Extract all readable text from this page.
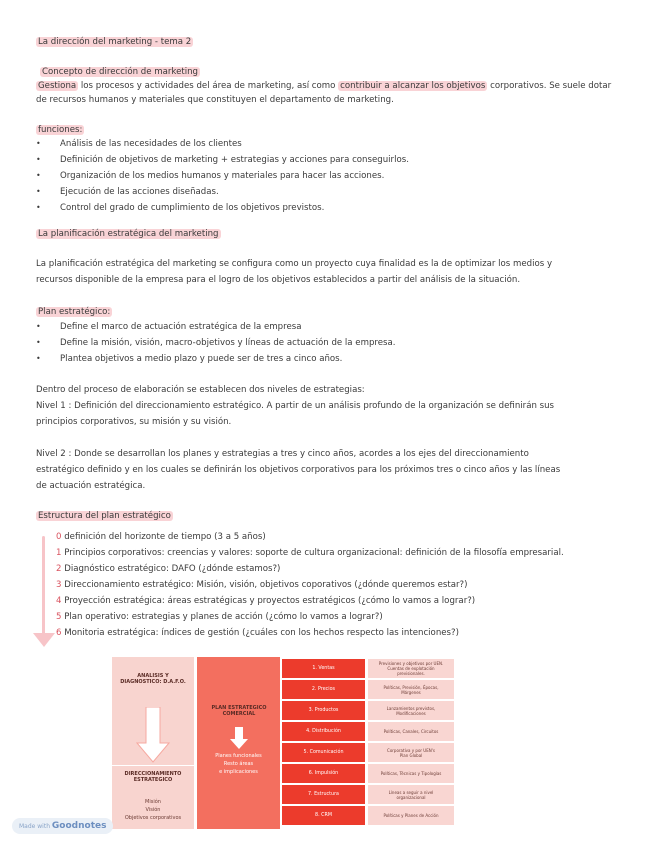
La dirección del marketing - tema 2
Concepto de dirección de marketing
Gestiona los procesos y actividades del área de marketing, así como contribuir a alcanzar los objetivos corporativos. Se suele dotar
de recursos humanos y materiales que constituyen el departamento de marketing.
funciones:
• Análisis de las necesidades de los clientes
• Definición de objetivos de marketing + estrategias y acciones para conseguirlos.
• Organización de los medios humanos y materiales para hacer las acciones.
• Ejecución de las acciones diseñadas.
• Control del grado de cumplimiento de los objetivos previstos.
La planificación estratégica del marketing
La planificación estratégica del marketing se configura como un proyecto cuya finalidad es la de optimizar los medios y
recursos disponible de la empresa para el logro de los objetivos establecidos a partir del análisis de la situación.
Plan estratégico:
• Define el marco de actuación estratégica de la empresa
• Define la misión, visión, macro-objetivos y líneas de actuación de la empresa.
• Plantea objetivos a medio plazo y puede ser de tres a cinco años.
Dentro del proceso de elaboración se establecen dos niveles de estrategias:
Nivel 1 : Definición del direccionamiento estratégico. A partir de un análisis profundo de la organización se definirán sus
principios corporativos, su misión y su visión.
Nivel 2 : Donde se desarrollan los planes y estrategias a tres y cinco años, acordes a los ejes del direccionamiento
estratégico definido y en los cuales se definirán los objetivos corporativos para los próximos tres o cinco años y las líneas
de actuación estratégica.
Estructura del plan estratégico
0 definición del horizonte de tiempo (3 a 5 años)
1 Principios corporativos: creencias y valores: soporte de cultura organizacional: definición de la filosofía empresarial.
2 Diagnóstico estratégico: DAFO (¿dónde estamos?)
3 Direccionamiento estratégico: Misión, visión, objetivos coporativos (¿dónde queremos estar?)
4 Proyección estratégica: áreas estratégicas y proyectos estratégicos (¿cómo lo vamos a lograr?)
5 Plan operativo: estrategias y planes de acción (¿cómo lo vamos a lograr?)
6 Monitoria estratégica: índices de gestión (¿cuáles con los hechos respecto las intenciones?)
ANALISIS Y DIAGNOSTICO: D.A.F.O.
DIRECCIONAMIENTO ESTRATEGICO
Misión
Visión
Objetivos corporativos
PLAN ESTRATEGICO COMERCIAL
Planes funcionales
Resto áreas
e implicaciones
1. Ventas
2. Precios
3. Productos
4. Distribución
5. Comunicación
6. Impulsión
7. Estructura
8. CRM
Previsiones y objetivos por UEN.
Cuentas de explotación
previsionales.
Políticas, Previsión, Épocas,
Márgenes
Lanzamientos previstos,
Modificaciones
Políticas, Canales, Circuitos
Corporativa y por UEN's
Plan Global
Políticas, Técnicas y Tipologías
Líneas a seguir a nivel
organizacional
Políticas y Planes de Acción
Made with Goodnotes
